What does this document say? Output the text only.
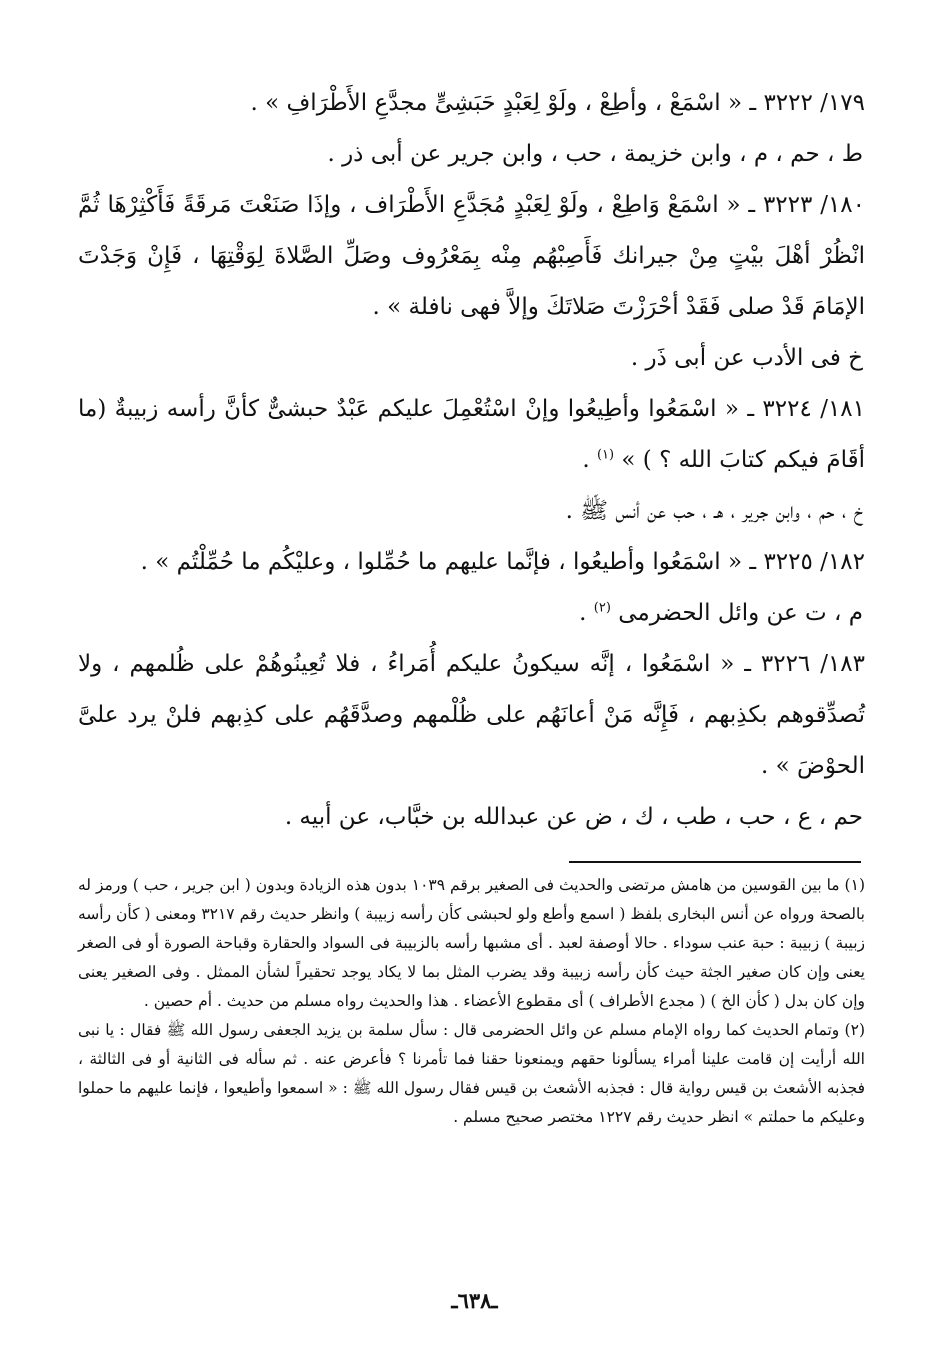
١٧٩/ ٣٢٢٢ ـ « اسْمَعْ ، وأطِعْ ، ولَوْ لِعَبْدٍ حَبَشِىٍّ مجدَّعِ الأَطْرَافِ » .

ط ، حم ، م ، وابن خزيمة ، حب ، وابن جرير عن أبى ذر .

١٨٠/ ٣٢٢٣ ـ « اسْمَعْ وَاطِعْ ، ولَوْ لِعَبْدٍ مُجَدَّعِ الأَطْرَاف ، وإذَا صَنَعْتَ مَرقَةً فَأَكْثِرْهَا ثُمَّ انْظُرْ أهْلَ بيْتٍ مِنْ جيرانك فَأَصِبْهُم مِنْه بِمَعْرُوف وصَلِّ الصَّلاةَ لِوَقْتِهَا ، فَإِنْ وَجَدْتَ الإمَامَ قَدْ صلى فَقَدْ أحْرَزْتَ صَلاتَكَ وإلاَّ فهى نافلة » .

خ فى الأدب عن أبى ذَر .

١٨١/ ٣٢٢٤ ـ « اسْمَعُوا وأطِيعُوا وإنْ اسْتُعْمِلَ عليكم عَبْدٌ حبشىٌّ كأنَّ رأسه زبيبةٌ (ما أقَامَ فيكم كتابَ الله ؟ ) » $^{(١)}$ .

خ ، حم ، وابن جرير ، هـ ، حب عن أنس ﷺ .

١٨٢/ ٣٢٢٥ ـ « اسْمَعُوا وأطيعُوا ، فإنَّما عليهم ما حُمِّلوا ، وعليْكُم ما حُمِّلْتُم » .

م ، ت عن وائل الحضرمى $^{(٢)}$ .

١٨٣/ ٣٢٢٦ ـ « اسْمَعُوا ، إنَّه سيكونُ عليكم أُمَراءُ ، فلا تُعِينُوهُمْ على ظُلمهم ، ولا تُصدِّقوهم بكذِبهم ، فَإِنَّه مَنْ أعانَهُم على ظُلْمهم وصدَّقَهُم على كذِبهم فلنْ يرد علىَّ الحوْضَ » .

حم ، ع ، حب ، طب ، ك ، ض عن عبدالله بن خبَّاب، عن أبيه .

(١) ما بين القوسين من هامش مرتضى والحديث فى الصغير برقم ١٠٣٩ بدون هذه الزيادة وبدون ( ابن جرير ، حب ) ورمز له بالصحة ورواه عن أنس البخارى بلفظ ( اسمع وأطع ولو لحبشى كأن رأسه زبيبة ) وانظر حديث رقم ٣٢١٧ ومعنى ( كأن رأسه زبيبة ) زبيبة : حبة عنب سوداء . حالا أوصفة لعبد . أى مشبها رأسه بالزبيبة فى السواد والحقارة وقباحة الصورة أو فى الصغر يعنى وإن كان صغير الجثة حيث كأن رأسه زبيبة وقد يضرب المثل بما لا يكاد يوجد تحقيراً لشأن الممثل . وفى الصغير يعنى وإن كان بدل ( كأن الخ ) ( مجدع الأطراف ) أى مقطوع الأعضاء . هذا والحديث رواه مسلم من حديث . أم حصين .

(٢) وتمام الحديث كما رواه الإمام مسلم عن وائل الحضرمى قال : سأل سلمة بن يزيد الجعفى رسول الله ﷺ فقال : يا نبى الله أرأيت إن قامت علينا أمراء يسألونا حقهم ويمنعونا حقنا فما تأمرنا ؟ فأعرض عنه . ثم سأله فى الثانية أو فى الثالثة ، فجذبه الأشعث بن قيس رواية قال : فجذبه الأشعث بن قيس فقال رسول الله ﷺ : « اسمعوا وأطيعوا ، فإنما عليهم ما حملوا وعليكم ما حملتم » انظر حديث رقم ١٢٢٧ مختصر صحيح مسلم .

ـ٦٣٨ـ
